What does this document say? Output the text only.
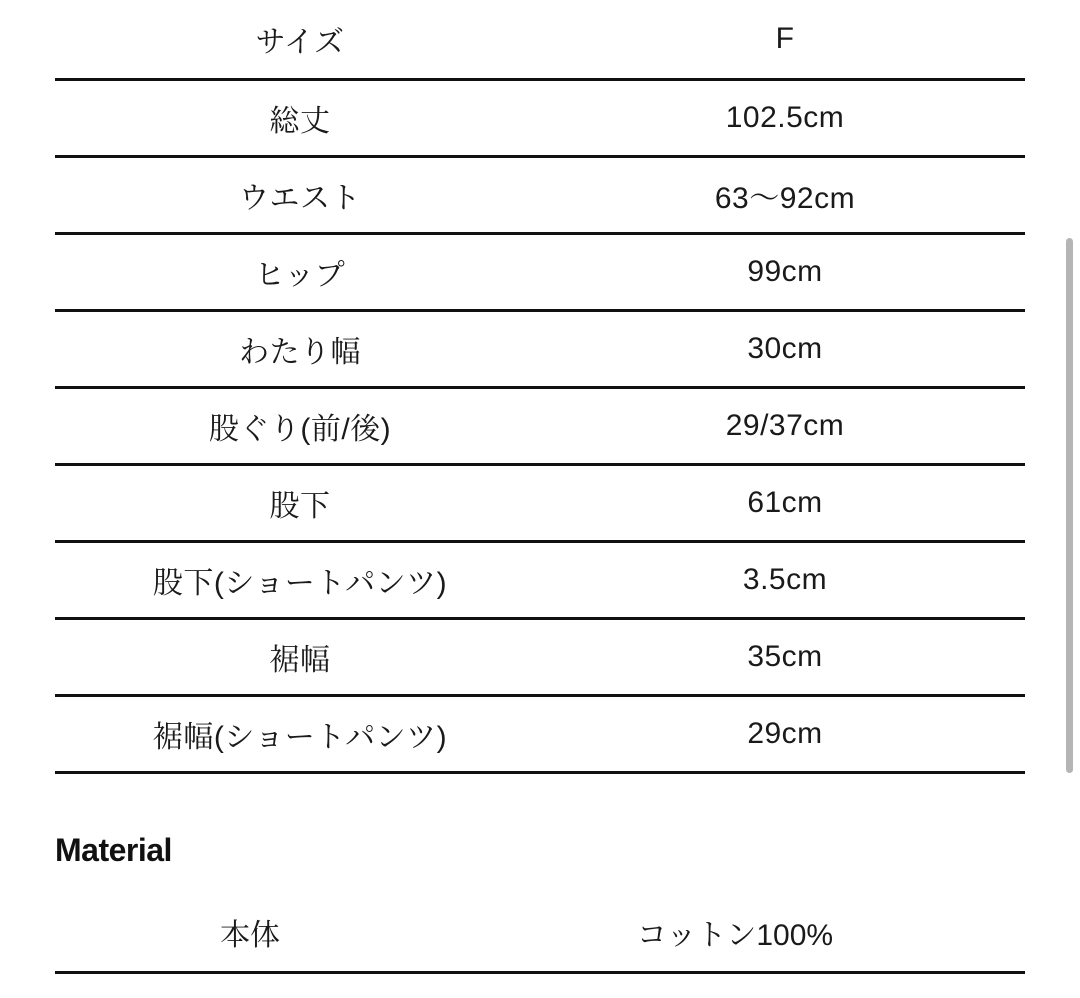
サイズ	F
総丈	102.5cm
ウエスト	63〜92cm
ヒップ	99cm
わたり幅	30cm
股ぐり(前/後)	29/37cm
股下	61cm
股下(ショートパンツ)	3.5cm
裾幅	35cm
裾幅(ショートパンツ)	29cm
Material
本体	コットン100%
